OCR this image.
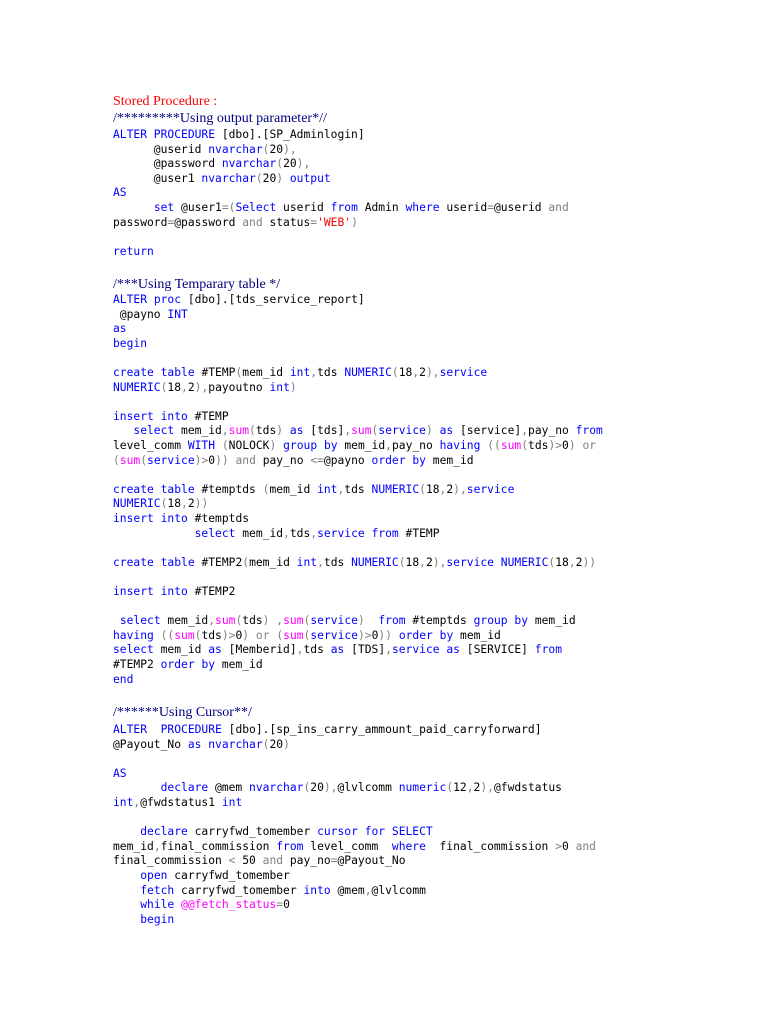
Stored Procedure :
/*********Using output parameter*//
ALTER PROCEDURE [dbo].[SP_Adminlogin]
@userid nvarchar(20),
@password nvarchar(20),
@user1 nvarchar(20) output
AS
set @user1=(Select userid from Admin where userid=@userid and
password=@password and status='WEB')
return
/***Using Temparary table */
ALTER proc [dbo].[tds_service_report]
@payno INT
as
begin
create table #TEMP(mem_id int,tds NUMERIC(18,2),service
NUMERIC(18,2),payoutno int)
insert into #TEMP
select mem_id,sum(tds) as [tds],sum(service) as [service],pay_no from
level_comm WITH (NOLOCK) group by mem_id,pay_no having ((sum(tds)>0) or
(sum(service)>0)) and pay_no <=@payno order by mem_id
create table #temptds (mem_id int,tds NUMERIC(18,2),service
NUMERIC(18,2))
insert into #temptds
select mem_id,tds,service from #TEMP
create table #TEMP2(mem_id int,tds NUMERIC(18,2),service NUMERIC(18,2))
insert into #TEMP2
select mem_id,sum(tds) ,sum(service) from #temptds group by mem_id
having ((sum(tds)>0) or (sum(service)>0)) order by mem_id
select mem_id as [Memberid],tds as [TDS],service as [SERVICE] from
#TEMP2 order by mem_id
end
/******Using Cursor**/
ALTER PROCEDURE [dbo].[sp_ins_carry_ammount_paid_carryforward]
@Payout_No as nvarchar(20)
AS
declare @mem nvarchar(20),@lvlcomm numeric(12,2),@fwdstatus
int,@fwdstatus1 int
declare carryfwd_tomember cursor for SELECT
mem_id,final_commission from level_comm  where  final_commission >0 and
final_commission < 50 and pay_no=@Payout_No
open carryfwd_tomember
fetch carryfwd_tomember into @mem,@lvlcomm
while @@fetch_status=0
begin
